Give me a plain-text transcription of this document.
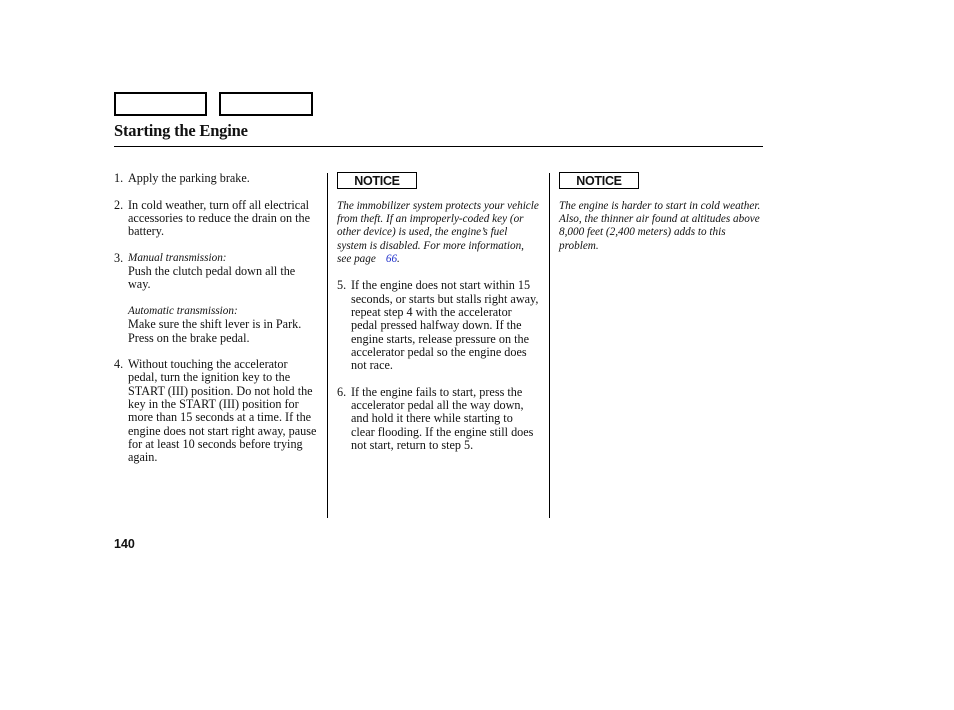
Starting the Engine
1. Apply the parking brake.
2. In cold weather, turn off all electrical accessories to reduce the drain on the battery.
3. Manual transmission:
Push the clutch pedal down all the way.
Automatic transmission:
Make sure the shift lever is in Park. Press on the brake pedal.
4. Without touching the accelerator pedal, turn the ignition key to the START (III) position. Do not hold the key in the START (III) position for more than 15 seconds at a time. If the engine does not start right away, pause for at least 10 seconds before trying again.
NOTICE
The immobilizer system protects your vehicle from theft. If an improperly-coded key (or other device) is used, the engine’s fuel system is disabled. For more information, see page 66.
5. If the engine does not start within 15 seconds, or starts but stalls right away, repeat step 4 with the accelerator pedal pressed halfway down. If the engine starts, release pressure on the accelerator pedal so the engine does not race.
6. If the engine fails to start, press the accelerator pedal all the way down, and hold it there while starting to clear flooding. If the engine still does not start, return to step 5.
NOTICE
The engine is harder to start in cold weather. Also, the thinner air found at altitudes above 8,000 feet (2,400 meters) adds to this problem.
140
